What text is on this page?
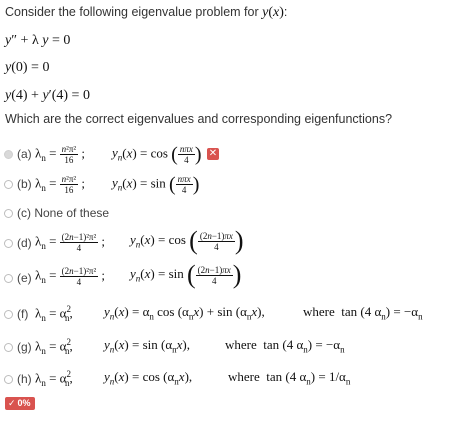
Consider the following eigenvalue problem for y(x):
y″ + λ y = 0
y(0) = 0
y(4) + y′(4) = 0
Which are the correct eigenvalues and corresponding eigenfunctions?
(a) $\lambda_n = \frac{\text{n²π²}}{16}$ ; $y_n(x) = \cos$ ( $\frac{\text{nπx}}{4}$ ) ✕
(b) $\lambda_n = \frac{\text{n²π²}}{16}$ ; $y_n(x) = \sin$ ( $\frac{\text{nπx}}{4}$ )
(c) None of these
(d) $\lambda_n = \frac{\text{(2n−1)²π²}}{4}$ ; $y_n(x) = \cos$ ( $\frac{(2n-1)\pi x}{4}$ )
(e) $\lambda_n = \frac{\text{(2n−1)²π²}}{4}$ ; $y_n(x) = \sin$ ( $\frac{(2n-1)\pi x}{4}$ )
(f) $\lambda_n = \alpha^2_n$, $y_n(x) = \alpha_n$ $\cos (\alpha_nx) + \sin (\alpha_nx)$,	where  tan (4 $\alpha_n) = -\alpha_n$
(g) $\lambda_n = \alpha^2_n$, $y_n(x) = \sin (\alpha_nx)$,	where  tan (4 $\alpha_n) = -\alpha_n$
(h) $\lambda_n = \alpha^2_n$, $y_n(x) = \cos (\alpha_nx)$,	where  tan (4 $\alpha_n) = 1/\alpha_n$
✓ 0%
